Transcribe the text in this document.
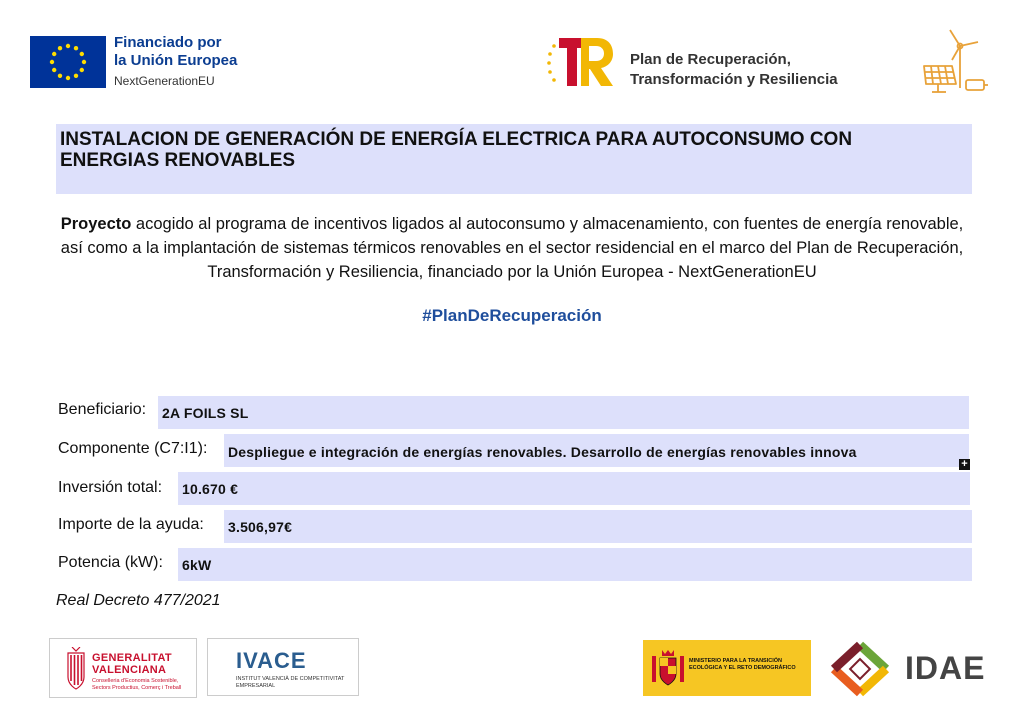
Financiado por
la Unión Europea
NextGenerationEU
Plan de Recuperación,
Transformación y Resiliencia
INSTALACION DE GENERACIÓN DE ENERGÍA ELECTRICA PARA AUTOCONSUMO CON
ENERGIAS RENOVABLES
Proyecto acogido al programa de incentivos ligados al autoconsumo y almacenamiento, con fuentes de energía renovable, así como a la implantación de sistemas térmicos renovables en el sector residencial en el marco del Plan de Recuperación, Transformación y Resiliencia, financiado por la Unión Europea - NextGenerationEU
#PlanDeRecuperación
Beneficiario: 2A FOILS SL
Componente (C7:I1): Despliegue e integración de energías renovables. Desarrollo de energías renovables innova
+
Inversión total: 10.670 €
Importe de la ayuda: 3.506,97€
Potencia (kW): 6kW
Real Decreto 477/2021
GENERALITAT
VALENCIANA
Conselleria d'Economia Sostenible, Sectors Productius, Comerç i Treball
IVACE
INSTITUT VALENCIÀ DE COMPETITIVITAT EMPRESARIAL
MINISTERIO PARA LA TRANSICIÓN ECOLÓGICA Y EL RETO DEMOGRÁFICO	IDAE
